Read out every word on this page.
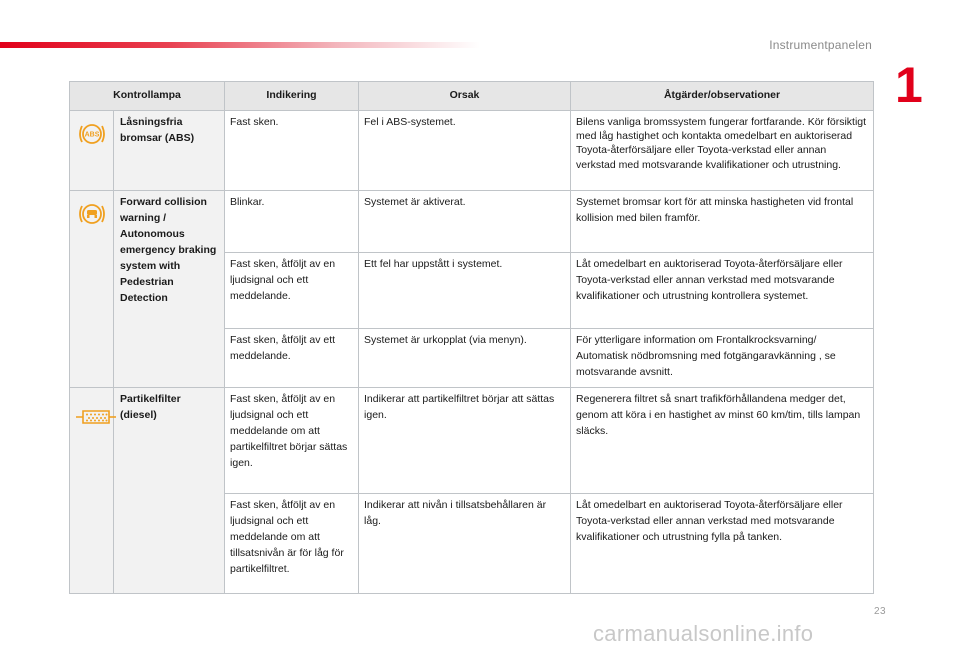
Instrumentpanelen
1
Kontrollampa		Indikering	Orsak	Åtgärder/observationer

ABS	Låsningsfria bromsar (ABS)	Fast sken.	Fel i ABS-systemet.	Bilens vanliga bromssystem fungerar fortfarande. Kör försiktigt med låg hastighet och kontakta omedelbart en auktoriserad Toyota-återförsäljare eller Toyota-verkstad eller annan verkstad med motsvarande kvalifikationer och utrustning.
	Forward collision warning / Autonomous emergency braking system with Pedestrian Detection	Blinkar.	Systemet är aktiverat.	Systemet bromsar kort för att minska hastigheten vid frontal kollision med bilen framför.
		Fast sken, åtföljt av en ljudsignal och ett meddelande.	Ett fel har uppstått i systemet.	Låt omedelbart en auktoriserad Toyota-återförsäljare eller Toyota-verkstad eller annan verkstad med motsvarande kvalifikationer och utrustning kontrollera systemet.
		Fast sken, åtföljt av ett meddelande.	Systemet är urkopplat (via menyn).	För ytterligare information om Frontalkrocksvarning/ Automatisk nödbromsning med fotgängaravkänning , se motsvarande avsnitt.
	Partikelfilter (diesel)	Fast sken, åtföljt av en ljudsignal och ett meddelande om att partikelfiltret börjar sättas igen.	Indikerar att partikelfiltret börjar att sättas igen.	Regenerera filtret så snart trafikförhållandena medger det, genom att köra i en hastighet av minst 60 km/tim, tills lampan släcks.
		Fast sken, åtföljt av en ljudsignal och ett meddelande om att tillsatsnivån är för låg för partikelfiltret.	Indikerar att nivån i tillsatsbehållaren är låg.	Låt omedelbart en auktoriserad Toyota-återförsäljare eller Toyota-verkstad eller annan verkstad med motsvarande kvalifikationer och utrustning fylla på tanken.
23
carmanualsonline.info
